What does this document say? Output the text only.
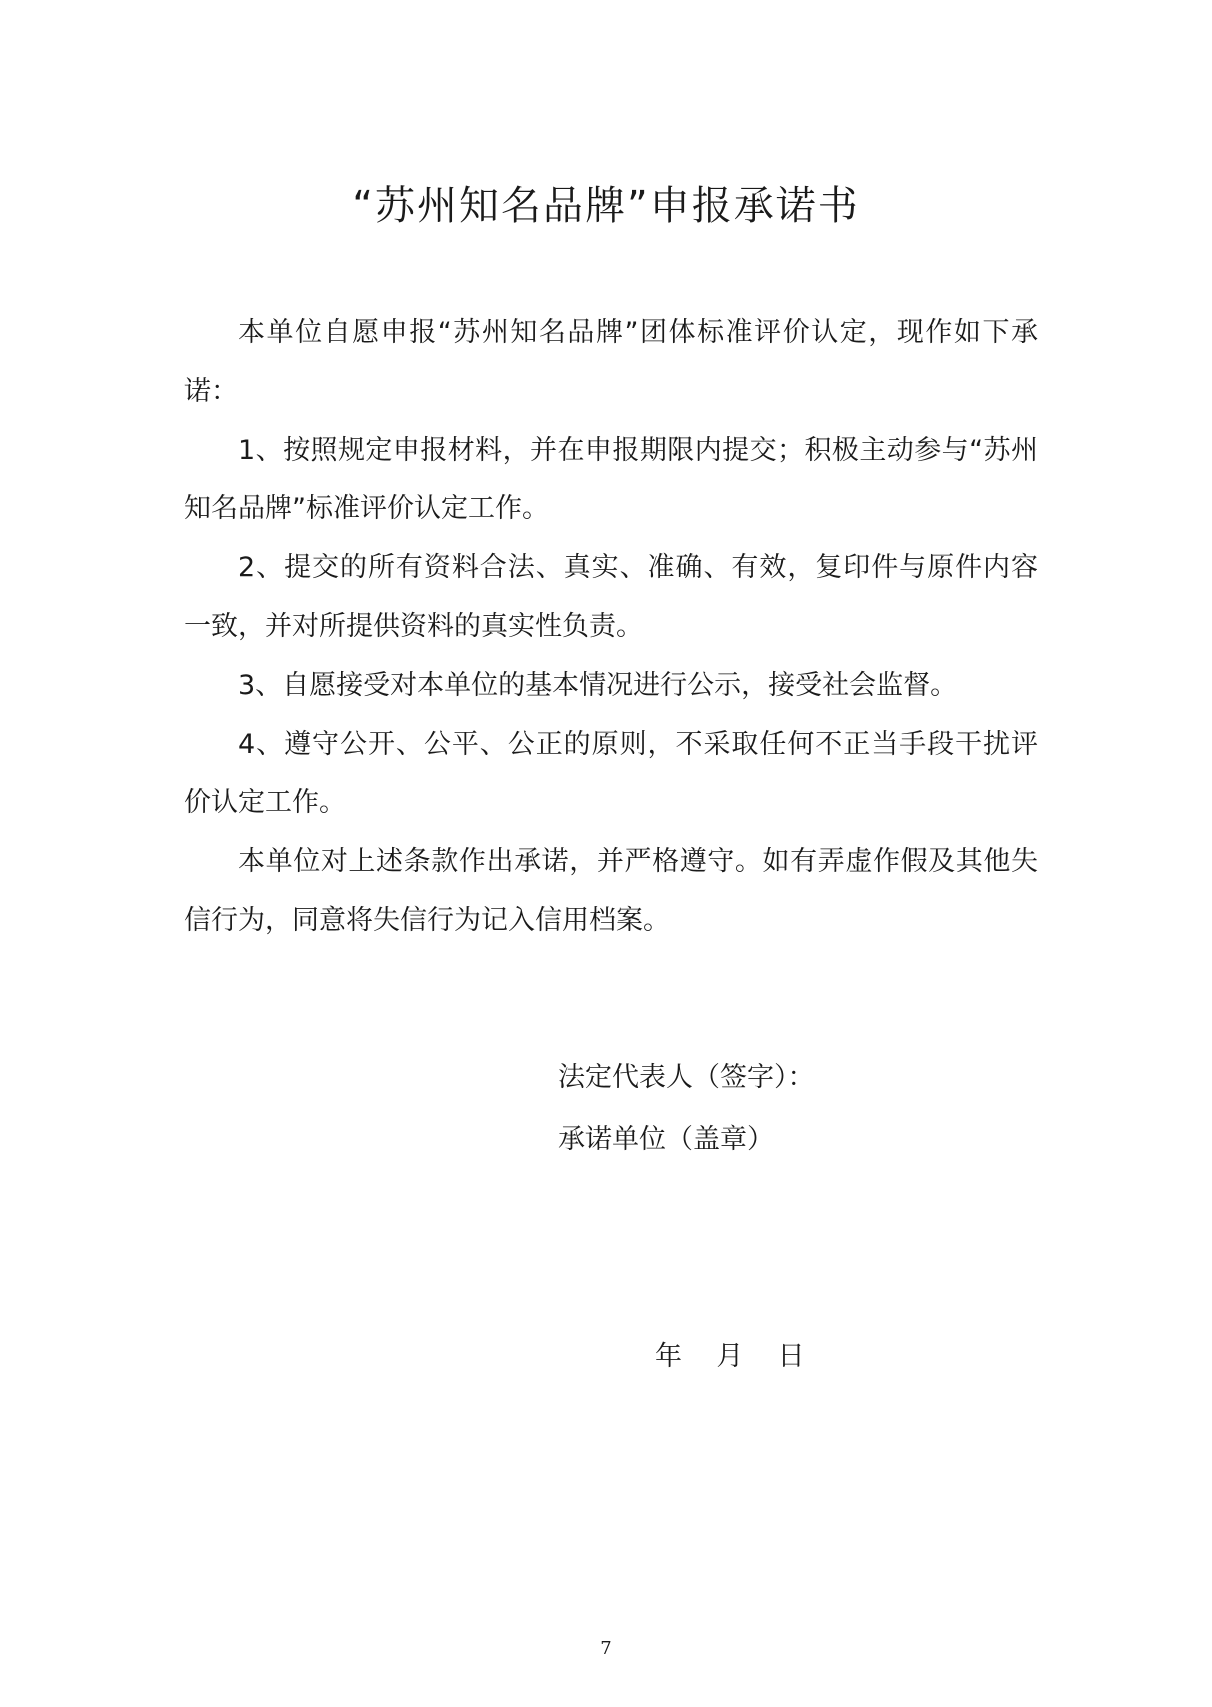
“苏州知名品牌”申报承诺书

本单位自愿申报“苏州知名品牌”团体标准评价认定，现作如下承诺：

1、按照规定申报材料，并在申报期限内提交；积极主动参与“苏州知名品牌”标准评价认定工作。

2、提交的所有资料合法、真实、准确、有效，复印件与原件内容一致，并对所提供资料的真实性负责。

3、自愿接受对本单位的基本情况进行公示，接受社会监督。

4、遵守公开、公平、公正的原则，不采取任何不正当手段干扰评价认定工作。

本单位对上述条款作出承诺，并严格遵守。如有弄虚作假及其他失信行为，同意将失信行为记入信用档案。

法定代表人（签字）：
承诺单位（盖章）
年    月    日
7
